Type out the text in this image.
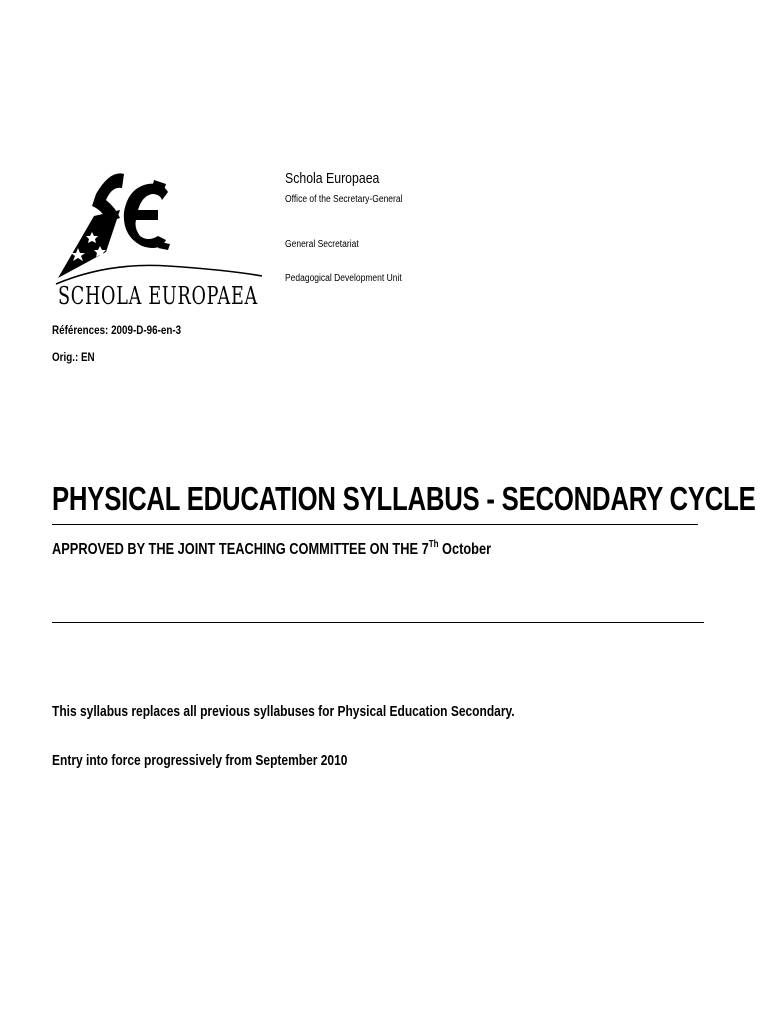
SCHOLA EUROPAEA
Schola Europaea
Office of the Secretary-General
General Secretariat
Pedagogical Development Unit
Références: 2009-D-96-en-3
Orig.: EN
PHYSICAL EDUCATION SYLLABUS - SECONDARY CYCLE
APPROVED BY THE JOINT TEACHING COMMITTEE ON THE 7Th October
This syllabus replaces all previous syllabuses for Physical Education Secondary.
Entry into force progressively from September 2010
